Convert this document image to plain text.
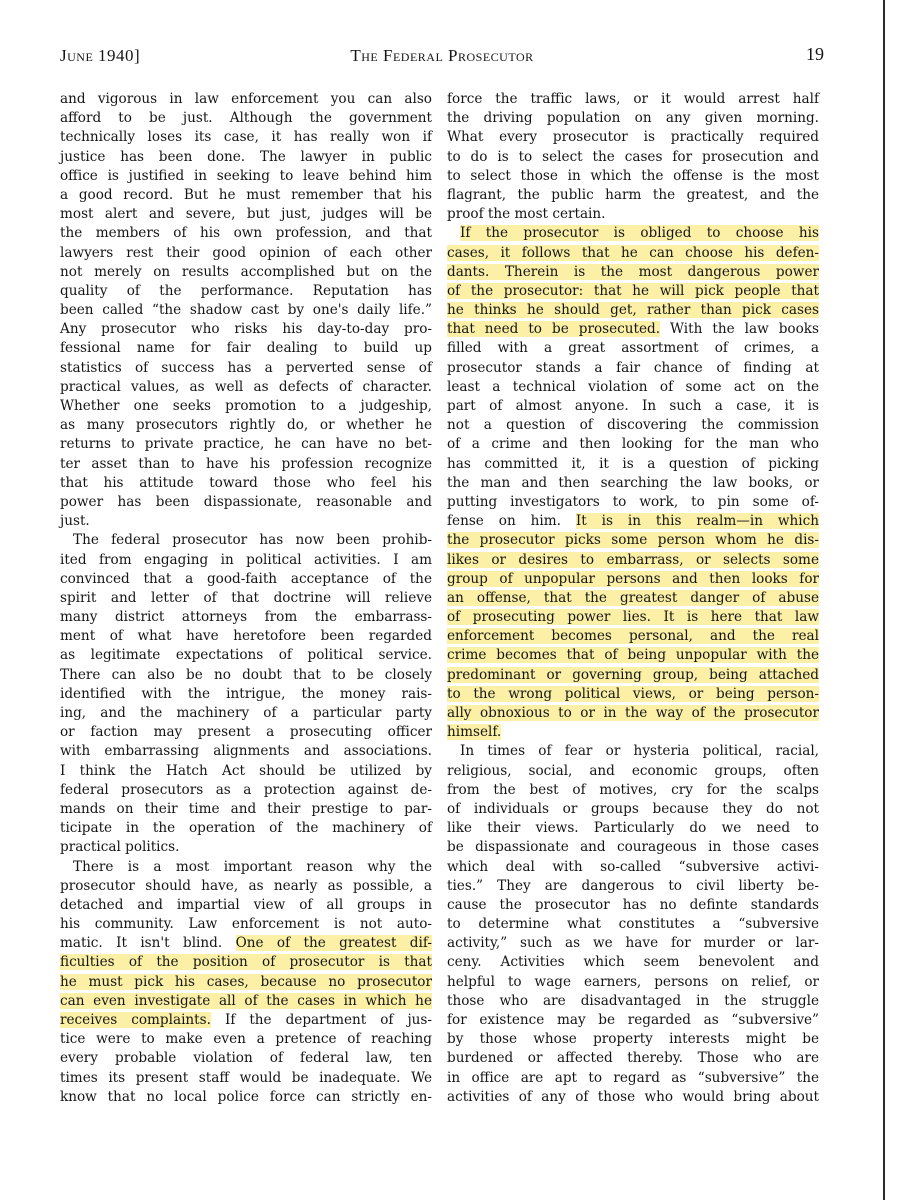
June 1940]	The Federal Prosecutor	19
and vigorous in law enforcement you can also
afford to be just. Although the government
technically loses its case, it has really won if
justice has been done. The lawyer in public
office is justified in seeking to leave behind him
a good record. But he must remember that his
most alert and severe, but just, judges will be
the members of his own profession, and that
lawyers rest their good opinion of each other
not merely on results accomplished but on the
quality of the performance. Reputation has
been called “the shadow cast by one's daily life.”
Any prosecutor who risks his day-to-day pro-
fessional name for fair dealing to build up
statistics of success has a perverted sense of
practical values, as well as defects of character.
Whether one seeks promotion to a judgeship,
as many prosecutors rightly do, or whether he
returns to private practice, he can have no bet-
ter asset than to have his profession recognize
that his attitude toward those who feel his
power has been dispassionate, reasonable and
just.
The federal prosecutor has now been prohib-
ited from engaging in political activities. I am
convinced that a good-faith acceptance of the
spirit and letter of that doctrine will relieve
many district attorneys from the embarrass-
ment of what have heretofore been regarded
as legitimate expectations of political service.
There can also be no doubt that to be closely
identified with the intrigue, the money rais-
ing, and the machinery of a particular party
or faction may present a prosecuting officer
with embarrassing alignments and associations.
I think the Hatch Act should be utilized by
federal prosecutors as a protection against de-
mands on their time and their prestige to par-
ticipate in the operation of the machinery of
practical politics.
There is a most important reason why the
prosecutor should have, as nearly as possible, a
detached and impartial view of all groups in
his community. Law enforcement is not auto-
matic. It isn't blind. One of the greatest dif-
ficulties of the position of prosecutor is that
he must pick his cases, because no prosecutor
can even investigate all of the cases in which he
receives complaints. If the department of jus-
tice were to make even a pretence of reaching
every probable violation of federal law, ten
times its present staff would be inadequate. We
know that no local police force can strictly en-
force the traffic laws, or it would arrest half
the driving population on any given morning.
What every prosecutor is practically required
to do is to select the cases for prosecution and
to select those in which the offense is the most
flagrant, the public harm the greatest, and the
proof the most certain.
If the prosecutor is obliged to choose his
cases, it follows that he can choose his defen-
dants. Therein is the most dangerous power
of the prosecutor: that he will pick people that
he thinks he should get, rather than pick cases
that need to be prosecuted. With the law books
filled with a great assortment of crimes, a
prosecutor stands a fair chance of finding at
least a technical violation of some act on the
part of almost anyone. In such a case, it is
not a question of discovering the commission
of a crime and then looking for the man who
has committed it, it is a question of picking
the man and then searching the law books, or
putting investigators to work, to pin some of-
fense on him. It is in this realm—in which
the prosecutor picks some person whom he dis-
likes or desires to embarrass, or selects some
group of unpopular persons and then looks for
an offense, that the greatest danger of abuse
of prosecuting power lies. It is here that law
enforcement becomes personal, and the real
crime becomes that of being unpopular with the
predominant or governing group, being attached
to the wrong political views, or being person-
ally obnoxious to or in the way of the prosecutor
himself.
In times of fear or hysteria political, racial,
religious, social, and economic groups, often
from the best of motives, cry for the scalps
of individuals or groups because they do not
like their views. Particularly do we need to
be dispassionate and courageous in those cases
which deal with so-called “subversive activi-
ties.” They are dangerous to civil liberty be-
cause the prosecutor has no definte standards
to determine what constitutes a “subversive
activity,” such as we have for murder or lar-
ceny. Activities which seem benevolent and
helpful to wage earners, persons on relief, or
those who are disadvantaged in the struggle
for existence may be regarded as “subversive”
by those whose property interests might be
burdened or affected thereby. Those who are
in office are apt to regard as “subversive” the
activities of any of those who would bring about
